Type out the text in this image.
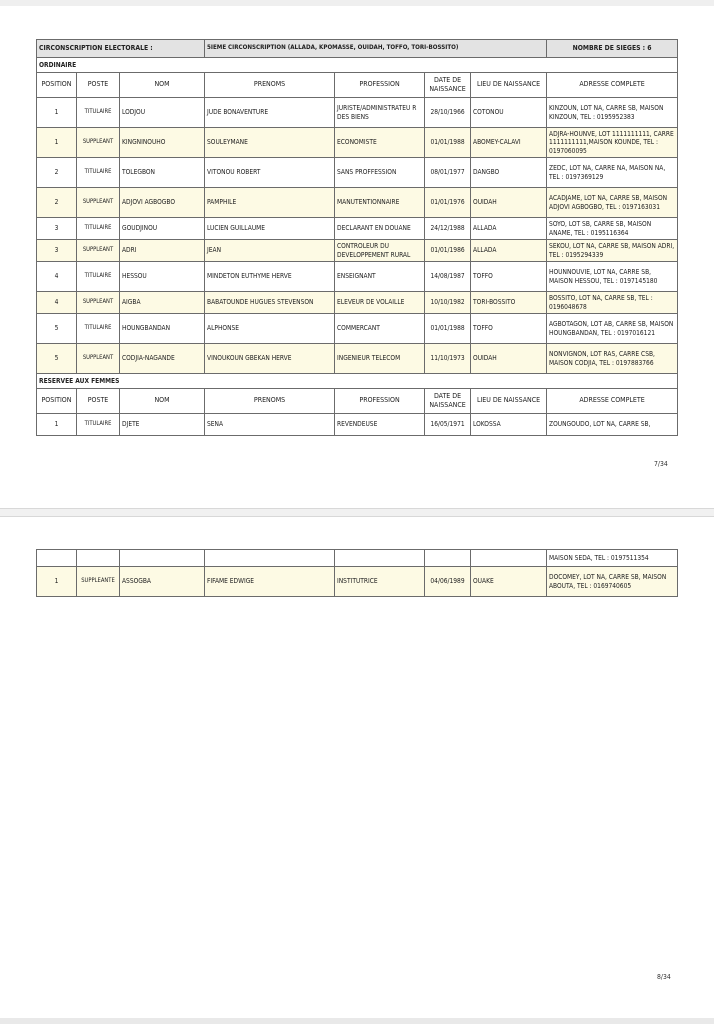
CIRCONSCRIPTION ELECTORALE :			5IEME CIRCONSCRIPTION (ALLADA, KPOMASSE, OUIDAH, TOFFO, TORI-BOSSITO)				NOMBRE DE SIEGES : 6
ORDINAIRE							
POSITION	POSTE	NOM	PRENOMS	PROFESSION	DATE DE NAISSANCE	LIEU DE NAISSANCE	ADRESSE COMPLETE
1	TITULAIRE	LODJOU	JUDE BONAVENTURE	JURISTE/ADMINISTRATEU R DES BIENS	28/10/1966	COTONOU	KINZOUN, LOT NA, CARRE SB, MAISON KINZOUN, TEL : 0195952383
1	SUPPLEANT	KINGNINOUHO	SOULEYMANE	ECONOMISTE	01/01/1988	ABOMEY-CALAVI	ADJRA-HOUNVE, LOT 1111111111, CARRE 1111111111,MAISON KOUNDE, TEL : 0197060095
2	TITULAIRE	TOLEGBON	VITONOU ROBERT	SANS PROFFESSION	08/01/1977	DANGBO	ZEDC, LOT NA, CARRE NA, MAISON NA, TEL : 0197369129
2	SUPPLEANT	ADJOVI AGBOGBO	PAMPHILE	MANUTENTIONNAIRE	01/01/1976	OUIDAH	ACADJAME, LOT NA, CARRE SB, MAISON ADJOVI AGBOGBO, TEL : 0197163031
3	TITULAIRE	GOUDJINOU	LUCIEN GUILLAUME	DECLARANT EN DOUANE	24/12/1988	ALLADA	SOYO, LOT SB, CARRE SB, MAISON ANAME, TEL : 0195116364
3	SUPPLEANT	ADRI	JEAN	CONTROLEUR DU DEVELOPPEMENT RURAL	01/01/1986	ALLADA	SEKOU, LOT NA, CARRE SB, MAISON ADRI, TEL : 0195294339
4	TITULAIRE	HESSOU	MINDETON EUTHYME HERVE	ENSEIGNANT	14/08/1987	TOFFO	HOUNNOUVIE, LOT NA, CARRE SB, MAISON HESSOU, TEL : 0197145180
4	SUPPLEANT	AIGBA	BABATOUNDE HUGUES STEVENSON	ELEVEUR DE VOLAILLE	10/10/1982	TORI-BOSSITO	BOSSITO, LOT NA, CARRE SB, TEL : 0196048678
5	TITULAIRE	HOUNGBANDAN	ALPHONSE	COMMERCANT	01/01/1988	TOFFO	AGBOTAGON, LOT AB, CARRE SB, MAISON HOUNGBANDAN, TEL : 0197016121
5	SUPPLEANT	CODJIA-NAGANDE	VINOUKOUN GBEKAN HERVE	INGENIEUR TELECOM	11/10/1973	OUIDAH	NONVIGNON, LOT RAS, CARRE CSB, MAISON CODJIA, TEL : 0197883766
RESERVEE AUX FEMMES							
POSITION	POSTE	NOM	PRENOMS	PROFESSION	DATE DE NAISSANCE	LIEU DE NAISSANCE	ADRESSE COMPLETE
1	TITULAIRE	DJETE	SENA	REVENDEUSE	16/05/1971	LOKOSSA	ZOUNGOUDO, LOT NA, CARRE SB,
7/34
							MAISON SEDA, TEL : 0197511354
1	SUPPLEANTE	ASSOGBA	FIFAME EDWIGE	INSTITUTRICE	04/06/1989	OUAKE	DOCOMEY, LOT NA, CARRE SB, MAISON ABOUTA, TEL : 0169740605
8/34
